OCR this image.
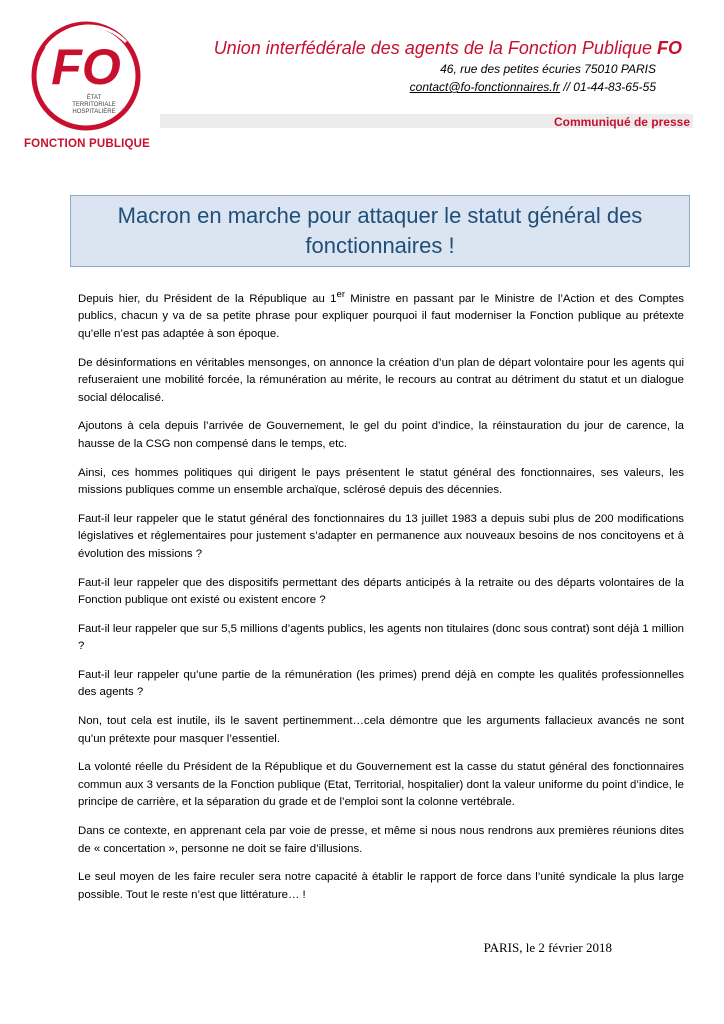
FO
ÉTAT
TERRITORIALE
HOSPITALIÈRE
FONCTION PUBLIQUE
Union interfédérale des agents de la Fonction Publique FO
46, rue des petites écuries 75010 PARIS
contact@fo-fonctionnaires.fr // 01-44-83-65-55
Communiqué de presse
Macron en marche pour attaquer le statut général des fonctionnaires !

Depuis hier, du Président de la République au 1er Ministre en passant par le Ministre de l’Action et des Comptes publics, chacun y va de sa petite phrase pour expliquer pourquoi il faut moderniser la Fonction publique au prétexte qu’elle n’est pas adaptée à son époque.

De désinformations en véritables mensonges, on annonce la création d’un plan de départ volontaire pour les agents qui refuseraient une mobilité forcée, la rémunération au mérite, le recours au contrat au détriment du statut et un dialogue social délocalisé.

Ajoutons à cela depuis l’arrivée de Gouvernement, le gel du point d’indice, la réinstauration du jour de carence, la hausse de la CSG non compensé dans le temps, etc.

Ainsi, ces hommes politiques qui dirigent le pays présentent le statut général des fonctionnaires, ses valeurs, les missions publiques comme un ensemble archaïque, sclérosé depuis des décennies.

Faut-il leur rappeler que le statut général des fonctionnaires du 13 juillet 1983 a depuis subi plus de 200 modifications législatives et réglementaires pour justement s’adapter en permanence aux nouveaux besoins de nos concitoyens et à évolution des missions ?

Faut-il leur rappeler que des dispositifs permettant des départs anticipés à la retraite ou des départs volontaires de la Fonction publique ont existé ou existent encore ?

Faut-il leur rappeler que sur 5,5 millions d’agents publics, les agents non titulaires (donc sous contrat) sont déjà 1 million ?

Faut-il leur rappeler qu’une partie de la rémunération (les primes) prend déjà en compte les qualités professionnelles des agents ?

Non, tout cela est inutile, ils le savent pertinemment…cela démontre que les arguments fallacieux avancés ne sont qu’un prétexte pour masquer l’essentiel.

La volonté réelle du Président de la République et du Gouvernement est la casse du statut général des fonctionnaires commun aux 3 versants de la Fonction publique (Etat, Territorial, hospitalier) dont la valeur uniforme du point d’indice, le principe de carrière, et la séparation du grade et de l’emploi sont la colonne vertébrale.

Dans ce contexte, en apprenant cela par voie de presse, et même si nous nous rendrons aux premières réunions dites de « concertation », personne ne doit se faire d’illusions.

Le seul moyen de les faire reculer sera notre capacité à établir le rapport de force dans l’unité syndicale la plus large possible. Tout le reste n’est que littérature… !

PARIS, le 2 février 2018
